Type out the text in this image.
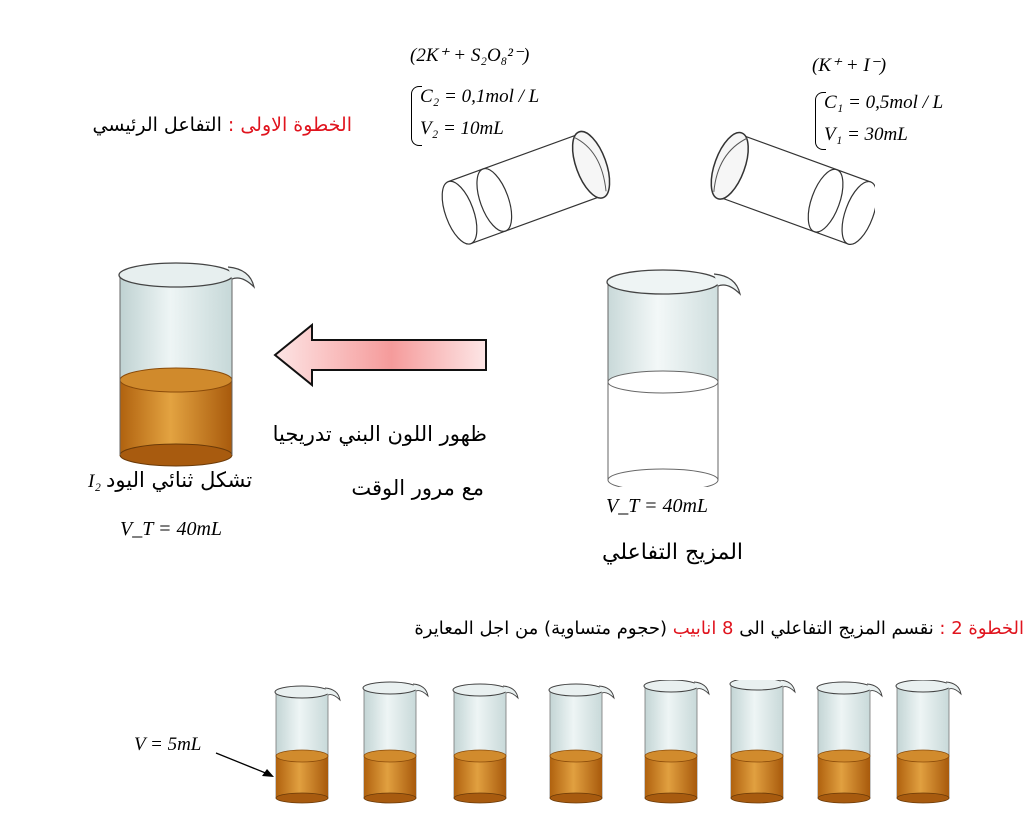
(2K⁺ + S₂O₈²⁻)
C₂ = 0,1mol / L
V₂ = 10mL
(K⁺ + I⁻)
C₁ = 0,5mol / L
V₁ = 30mL
الخطوة الاولى : التفاعل الرئيسي
V_T = 40mL
المزيج التفاعلي
ظهور اللون البني تدريجيا
مع مرور الوقت
I₂ تشكل ثنائي اليود
V_T = 40mL
الخطوة 2 : نقسم المزيج التفاعلي الى 8 انابيب (حجوم متساوية) من اجل المعايرة
V = 5mL
